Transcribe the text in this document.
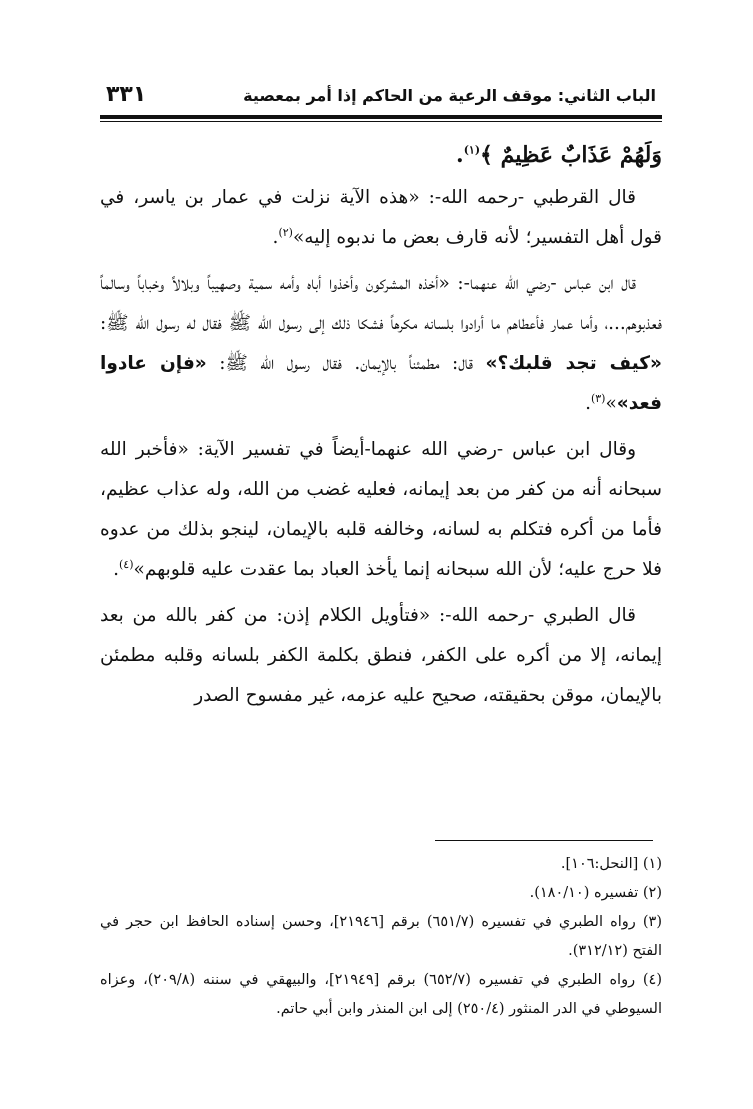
الباب الثاني: موقف الرعية من الحاكم إذا أمر بمعصية
٣٣١
وَلَهُمْ عَذَابٌ عَظِيمٌ ﴾$^{(١)}$.

قال القرطبي -رحمه الله-: «هذه الآية نزلت في عمار بن ياسر، في قول أهل التفسير؛ لأنه قارف بعض ما ندبوه إليه»$^{(٢)}$.

قال ابن عباس -رضي الله عنهما-: «أخذه المشركون وأخذوا أباه وأمه سمية وصهيباً وبلالاً وخباباً وسالماً فعذبوهم...، وأما عمار فأعطاهم ما أرادوا بلسانه مكرهاً فشكا ذلك إلى رسول الله ﷺ فقال له رسول الله ﷺ: «كيف تجد قلبك؟» قال: مطمئناً بالإيمان. فقال رسول الله ﷺ: «فإن عادوا فعد»»$^{(٣)}$.

وقال ابن عباس -رضي الله عنهما-أيضاً في تفسير الآية: «فأخبر الله سبحانه أنه من كفر من بعد إيمانه، فعليه غضب من الله، وله عذاب عظيم، فأما من أكره فتكلم به لسانه، وخالفه قلبه بالإيمان، لينجو بذلك من عدوه فلا حرج عليه؛ لأن الله سبحانه إنما يأخذ العباد بما عقدت عليه قلوبهم»$^{(٤)}$.

قال الطبري -رحمه الله-: «فتأويل الكلام إذن: من كفر بالله من بعد إيمانه، إلا من أكره على الكفر، فنطق بكلمة الكفر بلسانه وقلبه مطمئن بالإيمان، موقن بحقيقته، صحيح عليه عزمه، غير مفسوح الصدر

(١) [النحل:١٠٦].

(٢) تفسيره (١٨٠/١٠).

(٣) رواه الطبري في تفسيره (٦٥١/٧) برقم [٢١٩٤٦]، وحسن إسناده الحافظ ابن حجر في الفتح (٣١٢/١٢).

(٤) رواه الطبري في تفسيره (٦٥٢/٧) برقم [٢١٩٤٩]، والبيهقي في سننه (٢٠٩/٨)، وعزاه السيوطي في الدر المنثور (٢٥٠/٤) إلى ابن المنذر وابن أبي حاتم.
